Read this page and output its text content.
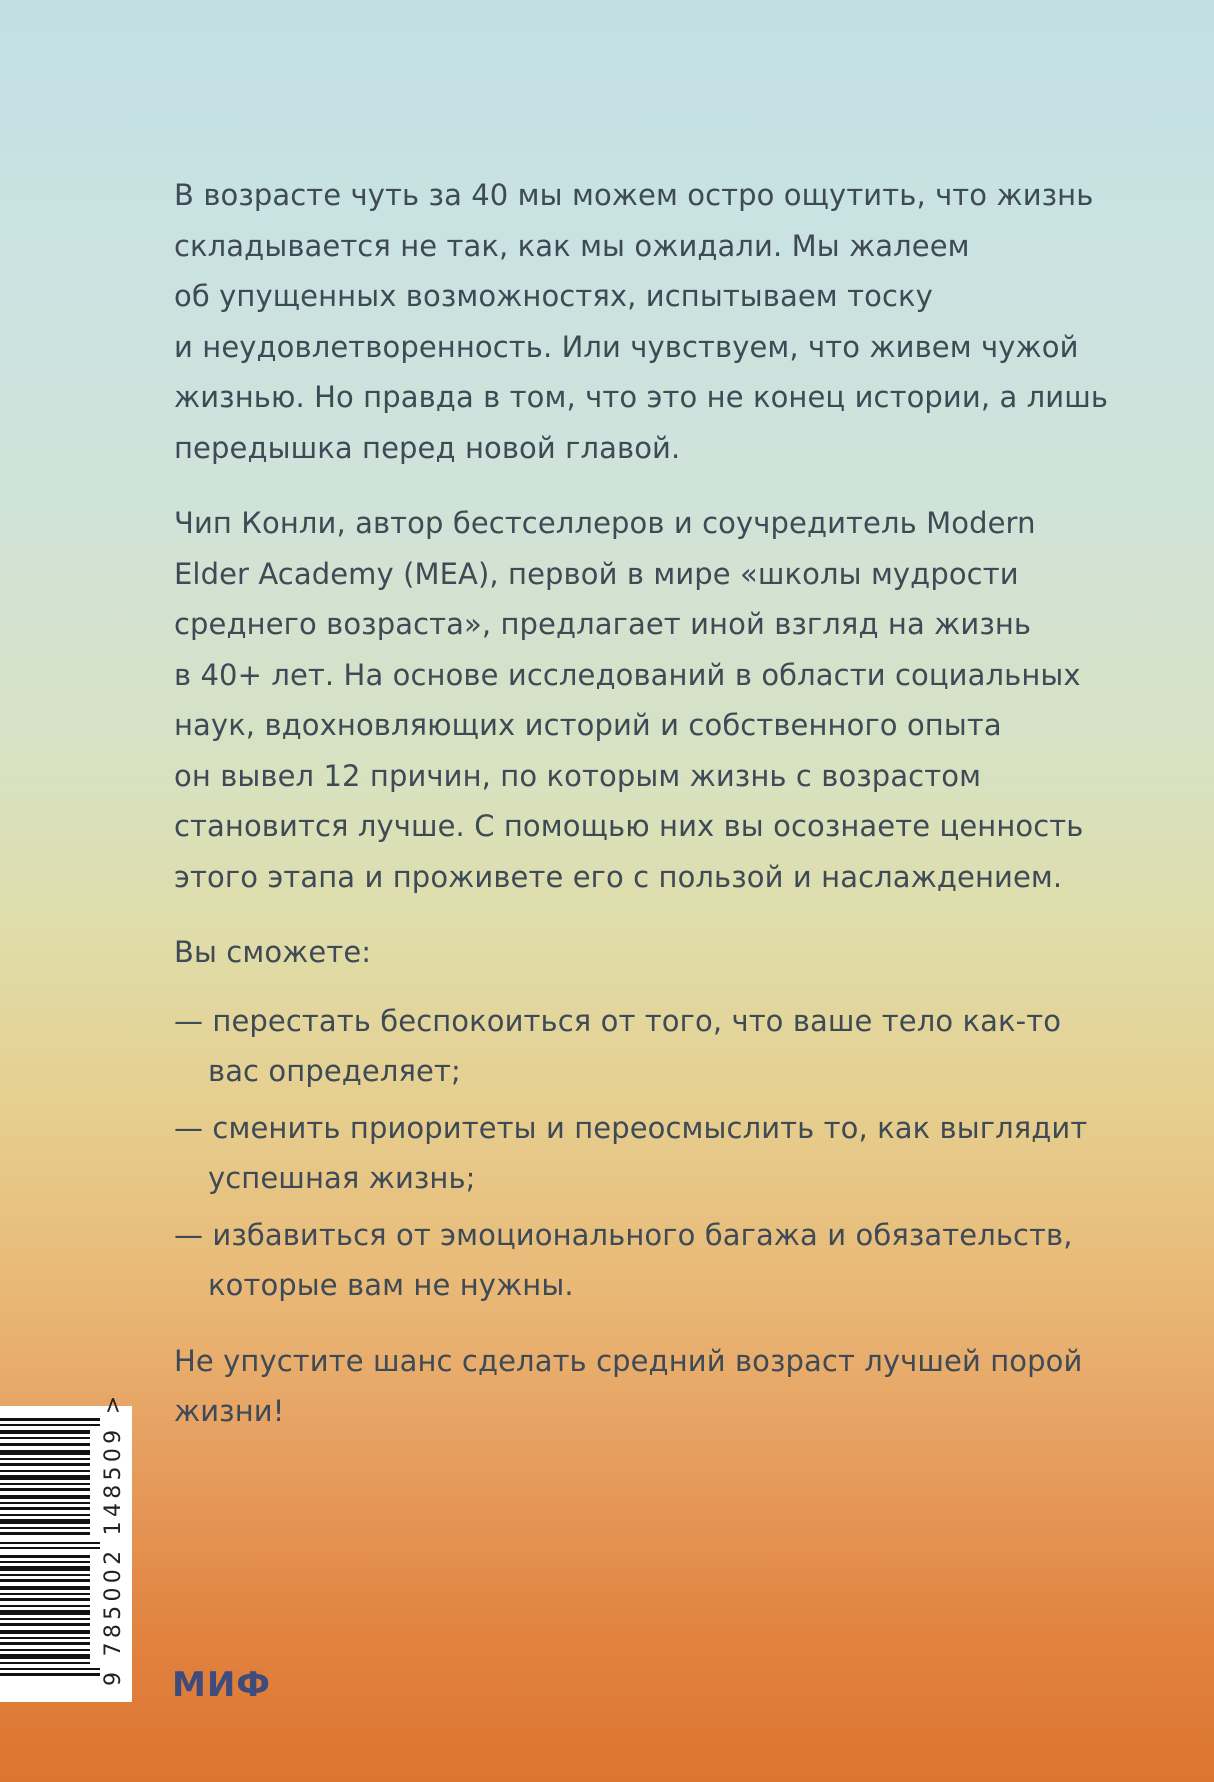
В возрасте чуть за 40 мы можем остро ощутить, что жизнь
складывается не так, как мы ожидали. Мы жалеем
об упущенных возможностях, испытываем тоску
и неудовлетворенность. Или чувствуем, что живем чужой
жизнью. Но правда в том, что это не конец истории, а лишь
передышка перед новой главой.

Чип Конли, автор бестселлеров и соучредитель Modern
Elder Academy (MEA), первой в мире «школы мудрости
среднего возраста», предлагает иной взгляд на жизнь
в 40+ лет. На основе исследований в области социальных
наук, вдохновляющих историй и собственного опыта
он вывел 12 причин, по которым жизнь с возрастом
становится лучше. С помощью них вы осознаете ценность
этого этапа и проживете его с пользой и наслаждением.

Вы сможете:

— перестать беспокоиться от того, что ваше тело как-то
вас определяет;
— сменить приоритеты и переосмыслить то, как выглядит
успешная жизнь;
— избавиться от эмоционального багажа и обязательств,
которые вам не нужны.

Не упустите шанс сделать средний возраст лучшей порой
жизни!

9 785002 148509 > МИФ
